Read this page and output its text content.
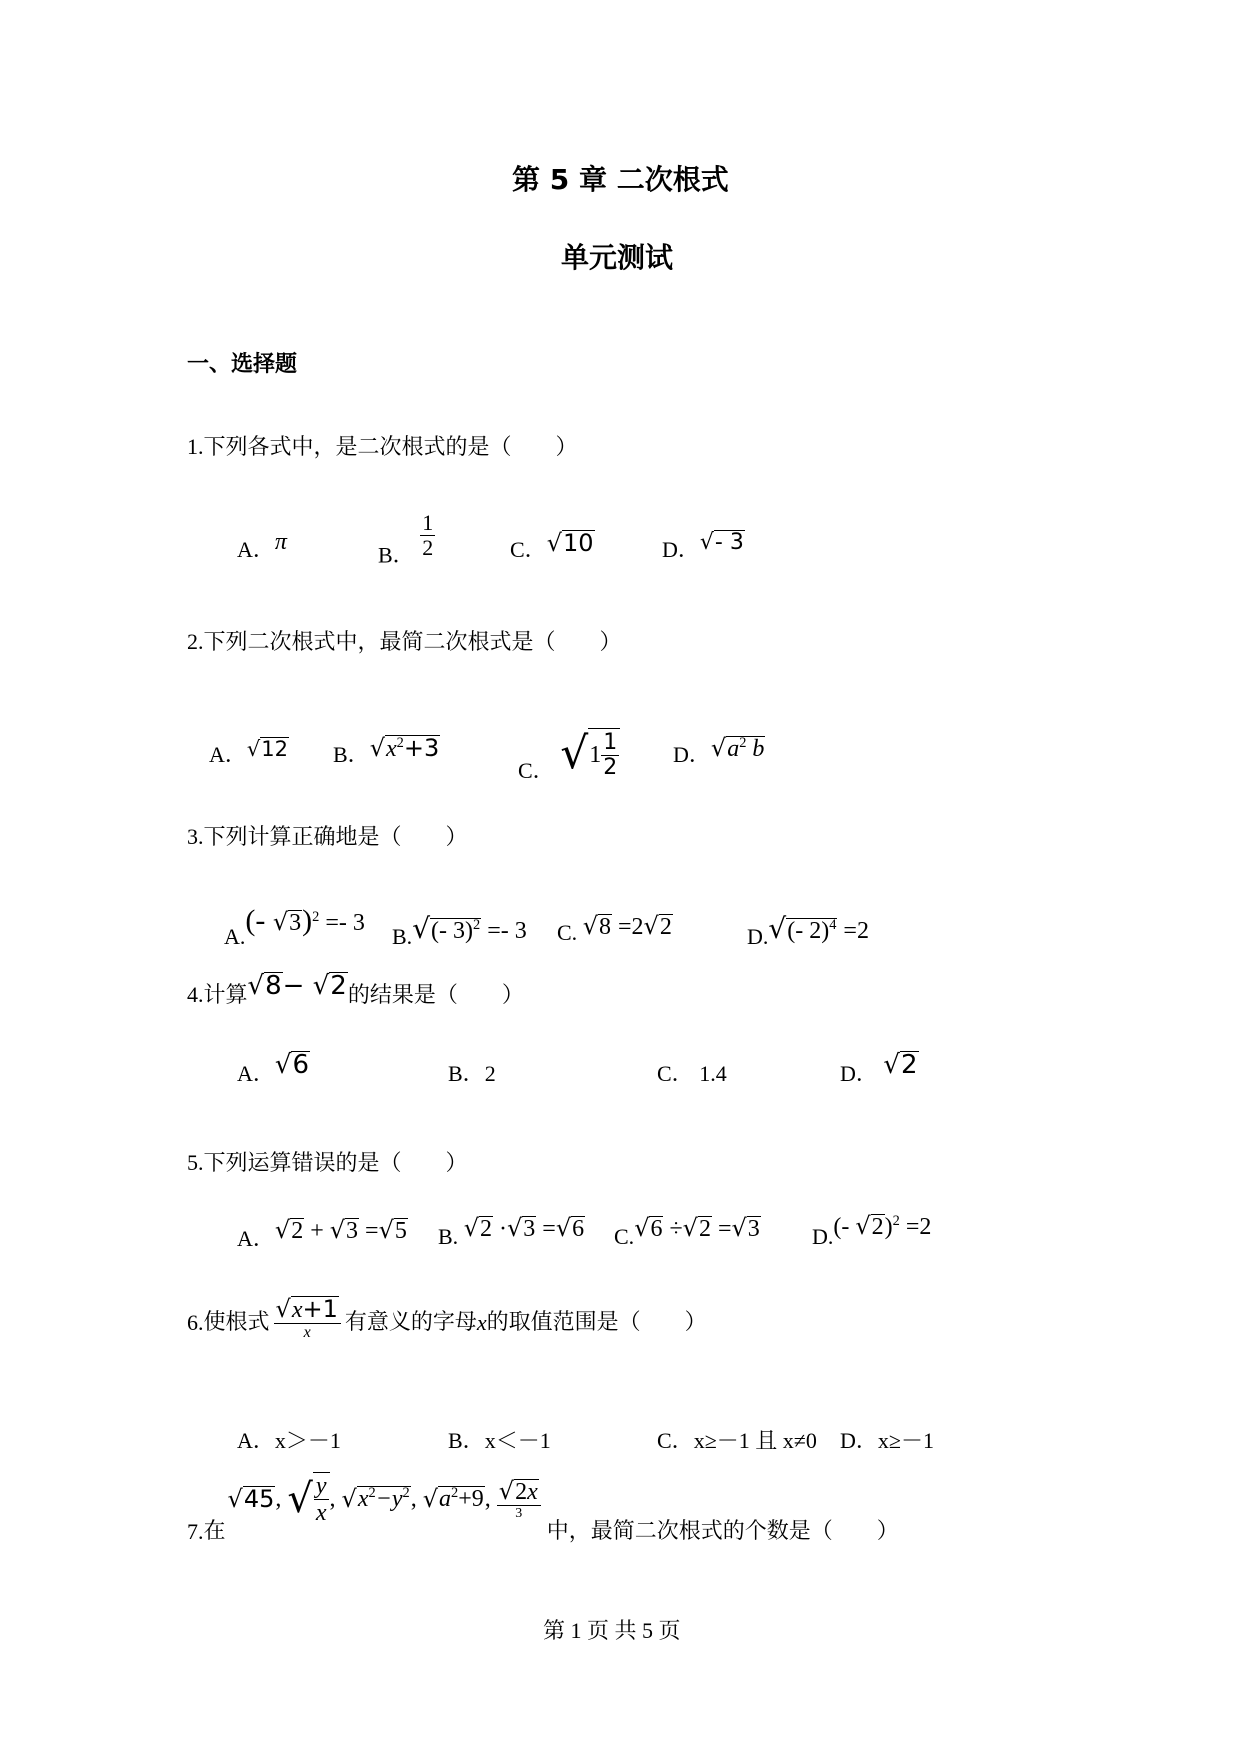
第 5 章 二次根式
单元测试
一、选择题
1.下列各式中，是二次根式的是（　　）
A．π
B． $\frac{1}{2}$	C．√10	D．√- 3
2.下列二次根式中，最简二次根式是（　　）
A．√12 B．$√x^2+3$
C． √ $1 \frac{1}{2}$ D．$√a^2$ b
3.下列计算正确地是（　　）
A.(- √3)$^2$ =- 3
B.√(- 3)$^2$ =- 3 C. √8 =2√2	D.√(- 2)$^4$ =2
4.计算√8− √2的结果是（　　）
A．√6	B．2	C． 1.4	D． √2
5.下列运算错误的是（　　）
A．√2 + √3 =√5 B. √2 ·√3 =√6 C.√6 ÷√2 =√3 D.(- √2)$^2$ =2
6. 使根式 $\frac{√x+1}{x}$ 有意义的字母 x 的取值范围是（　　）
A．x＞－1	B．x＜－1	C．x≥－1 且 x≠0 D．x≥－1
7. 在
√45 , √ $\frac{y}{x}$ , √ $x^2-y^2$ , √ $a^2+9$ , $\frac{√2x}{3}$
中，最简二次根式的个数是（　　）
第 1 页 共 5 页
